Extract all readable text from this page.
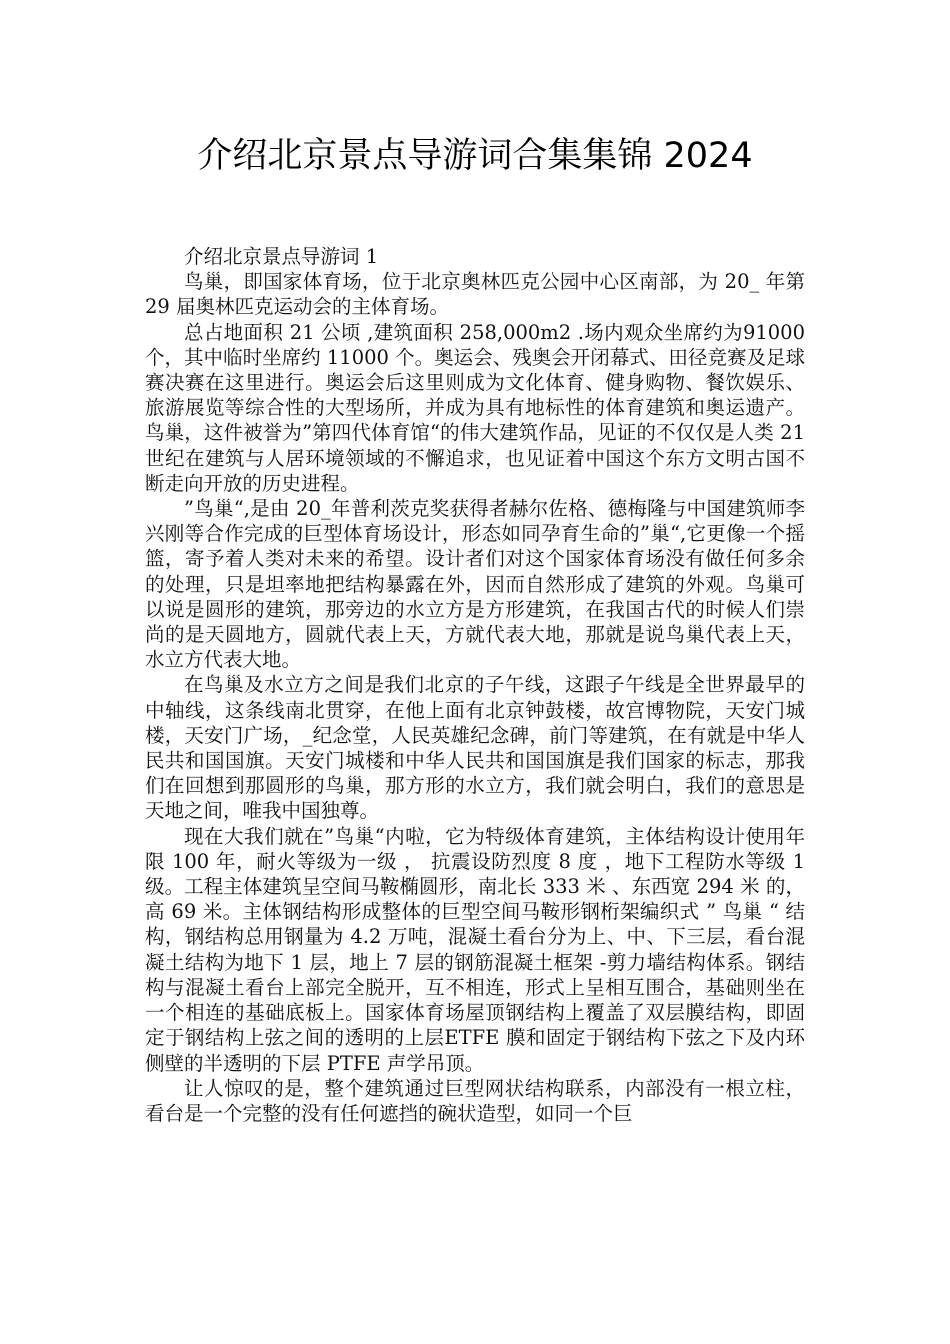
介绍北京景点导游词合集集锦 2024

介绍北京景点导游词 1

鸟巢，即国家体育场，位于北京奥林匹克公园中心区南部，为 20_ 年第 29 届奥林匹克运动会的主体育场。

总占地面积 21 公顷 ,建筑面积 258,000m2 .场内观众坐席约为91000 个，其中临时坐席约 11000 个。奥运会、残奥会开闭幕式、田径竞赛及足球赛决赛在这里进行。奥运会后这里则成为文化体育、健身购物、餐饮娱乐、旅游展览等综合性的大型场所，并成为具有地标性的体育建筑和奥运遗产。鸟巢，这件被誉为”第四代体育馆“的伟大建筑作品，见证的不仅仅是人类 21 世纪在建筑与人居环境领域的不懈追求，也见证着中国这个东方文明古国不断走向开放的历史进程。

”鸟巢“,是由 20_年普利茨克奖获得者赫尔佐格、德梅隆与中国建筑师李兴刚等合作完成的巨型体育场设计，形态如同孕育生命的”巢“,它更像一个摇篮，寄予着人类对未来的希望。设计者们对这个国家体育场没有做任何多余的处理，只是坦率地把结构暴露在外，因而自然形成了建筑的外观。鸟巢可以说是圆形的建筑，那旁边的水立方是方形建筑，在我国古代的时候人们崇尚的是天圆地方，圆就代表上天，方就代表大地，那就是说鸟巢代表上天，水立方代表大地。

在鸟巢及水立方之间是我们北京的子午线，这跟子午线是全世界最早的中轴线，这条线南北贯穿，在他上面有北京钟鼓楼，故宫博物院，天安门城楼，天安门广场，_纪念堂，人民英雄纪念碑，前门等建筑，在有就是中华人民共和国国旗。天安门城楼和中华人民共和国国旗是我们国家的标志，那我们在回想到那圆形的鸟巢，那方形的水立方，我们就会明白，我们的意思是天地之间，唯我中国独尊。

现在大我们就在”鸟巢“内啦，它为特级体育建筑，主体结构设计使用年限 100 年，耐火等级为一级 ， 抗震设防烈度 8 度 ，地下工程防水等级 1级。工程主体建筑呈空间马鞍椭圆形，南北长 333 米 、东西宽 294 米 的，高 69 米。主体钢结构形成整体的巨型空间马鞍形钢桁架编织式 ” 鸟巢 “ 结构，钢结构总用钢量为 4.2 万吨，混凝土看台分为上、中、下三层，看台混凝土结构为地下 1 层，地上 7 层的钢筋混凝土框架 -剪力墙结构体系。钢结构与混凝土看台上部完全脱开，互不相连，形式上呈相互围合，基础则坐在一个相连的基础底板上。国家体育场屋顶钢结构上覆盖了双层膜结构，即固定于钢结构上弦之间的透明的上层ETFE 膜和固定于钢结构下弦之下及内环侧壁的半透明的下层 PTFE 声学吊顶。

让人惊叹的是，整个建筑通过巨型网状结构联系，内部没有一根立柱，看台是一个完整的没有任何遮挡的碗状造型，如同一个巨
